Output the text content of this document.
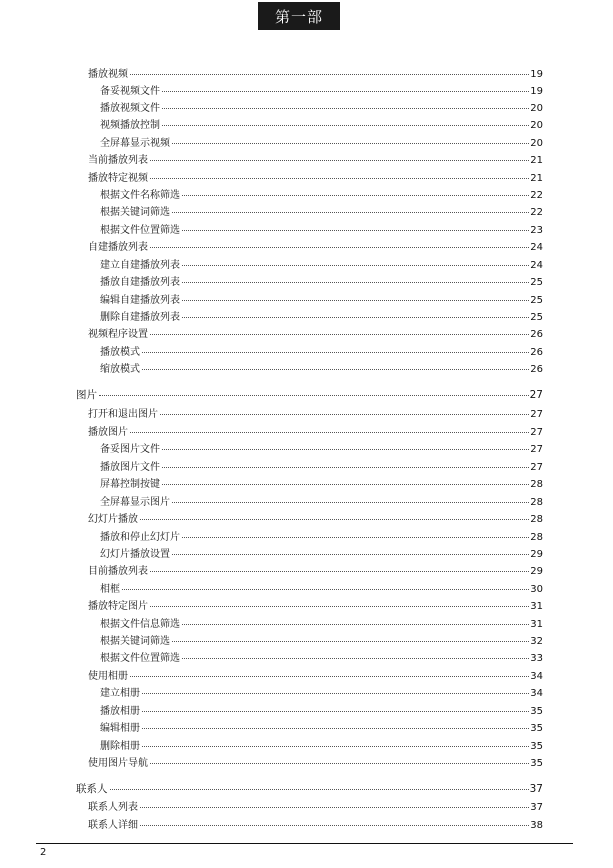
第一部
播放视频	19
备妥视频文件	19
播放视频文件	20
视频播放控制	20
全屏幕显示视频	20
当前播放列表	21
播放特定视频	21
根据文件名称筛选	22
根据关键词筛选	22
根据文件位置筛选	23
自建播放列表	24
建立自建播放列表	24
播放自建播放列表	25
编辑自建播放列表	25
删除自建播放列表	25
视频程序设置	26
播放模式	26
缩放模式	26
图片	27
打开和退出图片	27
播放图片	27
备妥图片文件	27
播放图片文件	27
屏幕控制按键	28
全屏幕显示图片	28
幻灯片播放	28
播放和停止幻灯片	28
幻灯片播放设置	29
目前播放列表	29
相框	30
播放特定图片	31
根据文件信息筛选	31
根据关键词筛选	32
根据文件位置筛选	33
使用相册	34
建立相册	34
播放相册	35
编辑相册	35
删除相册	35
使用图片导航	35
联系人	37
联系人列表	37
联系人详细	38
2
